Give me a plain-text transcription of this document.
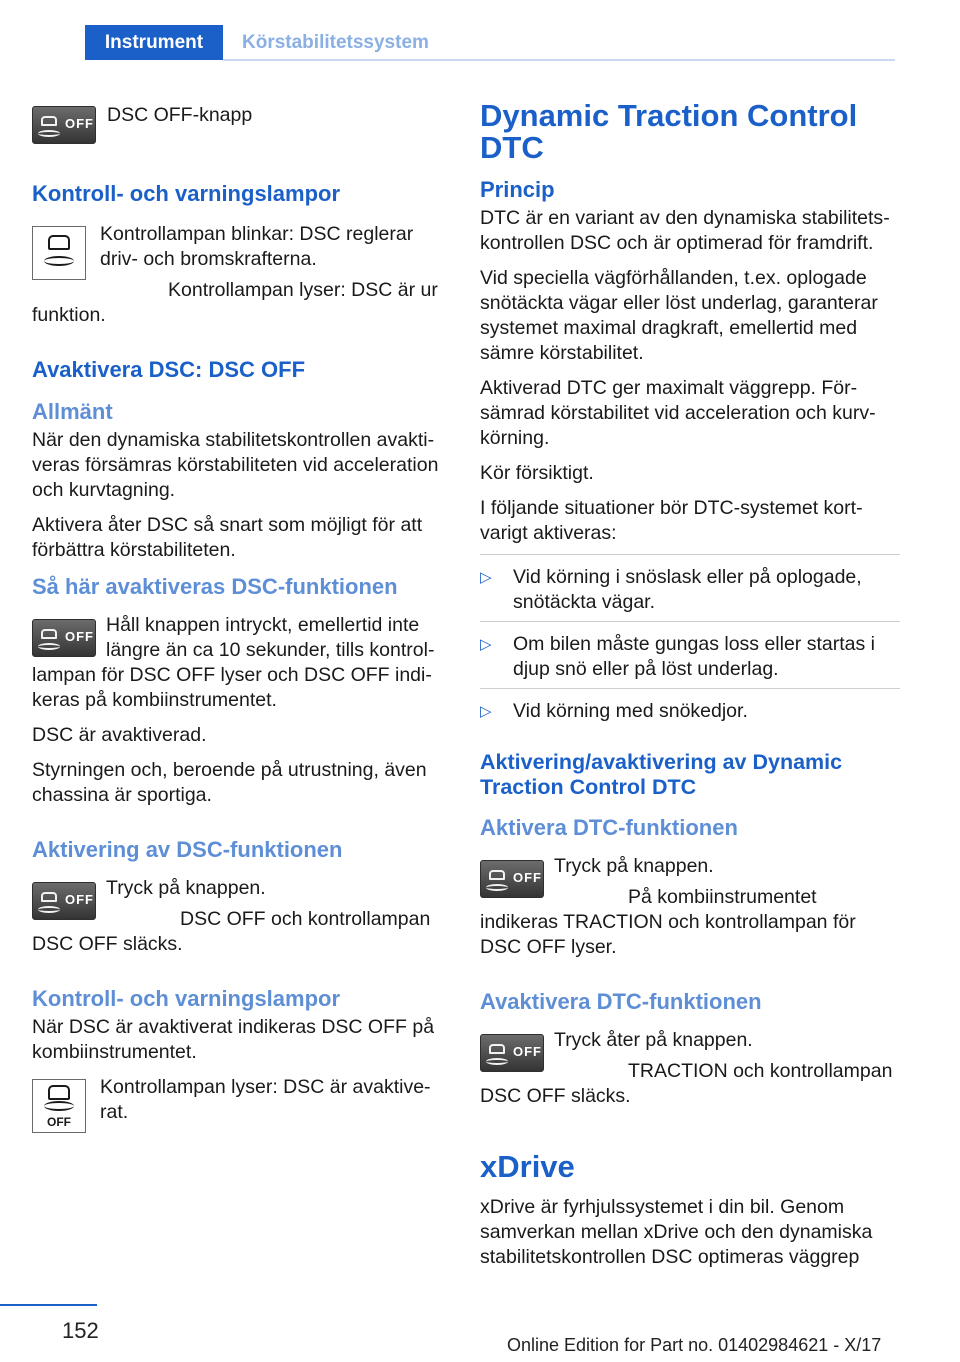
Instrument	Körstabilitetssystem
OFF DSC OFF-knapp

Kontroll- och varningslampor

Kontrollampan blinkar: DSC reglerar driv- och bromskrafterna.

Kontrollampan lyser: DSC är ur funktion.

Avaktivera DSC: DSC OFF
Allmänt

När den dynamiska stabilitetskontrollen avaktiveras försämras körstabiliteten vid acceleration och kurvtagning.

Aktivera åter DSC så snart som möjligt för att förbättra körstabiliteten.

Så här avaktiveras DSC-funktionen
OFF

Håll knappen intryckt, emellertid inte längre än ca 10 sekunder, tills kontrollampan för DSC OFF lyser och DSC OFF indikeras på kombiinstrumentet.

DSC är avaktiverad.

Styrningen och, beroende på utrustning, även chassina är sportiga.

Aktivering av DSC-funktionen
OFF

Tryck på knappen.

DSC OFF och kontrollampan DSC OFF släcks.

Kontroll- och varningslampor

När DSC är avaktiverat indikeras DSC OFF på kombiinstrumentet.

OFF

Kontrollampan lyser: DSC är avaktiverat.

Dynamic Traction Control DTC
Princip

DTC är en variant av den dynamiska stabilitetskontrollen DSC och är optimerad för framdrift.

Vid speciella vägförhållanden, t.ex. oplogade snötäckta vägar eller löst underlag, garanterar systemet maximal dragkraft, emellertid med sämre körstabilitet.

Aktiverad DTC ger maximalt väggrepp. Försämrad körstabilitet vid acceleration och kurvkörning.

Kör försiktigt.

I följande situationer bör DTC-systemet kortvarigt aktiveras:

▷ Vid körning i snöslask eller på oplogade, snötäckta vägar.

▷ Om bilen måste gungas loss eller startas i djup snö eller på löst underlag.

▷ Vid körning med snökedjor.

Aktivering/avaktivering av Dynamic Traction Control DTC
Aktivera DTC-funktionen
OFF

Tryck på knappen.

På kombiinstrumentet indikeras TRACTION och kontrollampan för DSC OFF lyser.

Avaktivera DTC-funktionen
OFF

Tryck åter på knappen.

TRACTION och kontrollampan DSC OFF släcks.

xDrive

xDrive är fyrhjulssystemet i din bil. Genom samverkan mellan xDrive och den dynamiska stabilitetskontrollen DSC optimeras väggrep

152
Online Edition for Part no. 01402984621 - X/17
